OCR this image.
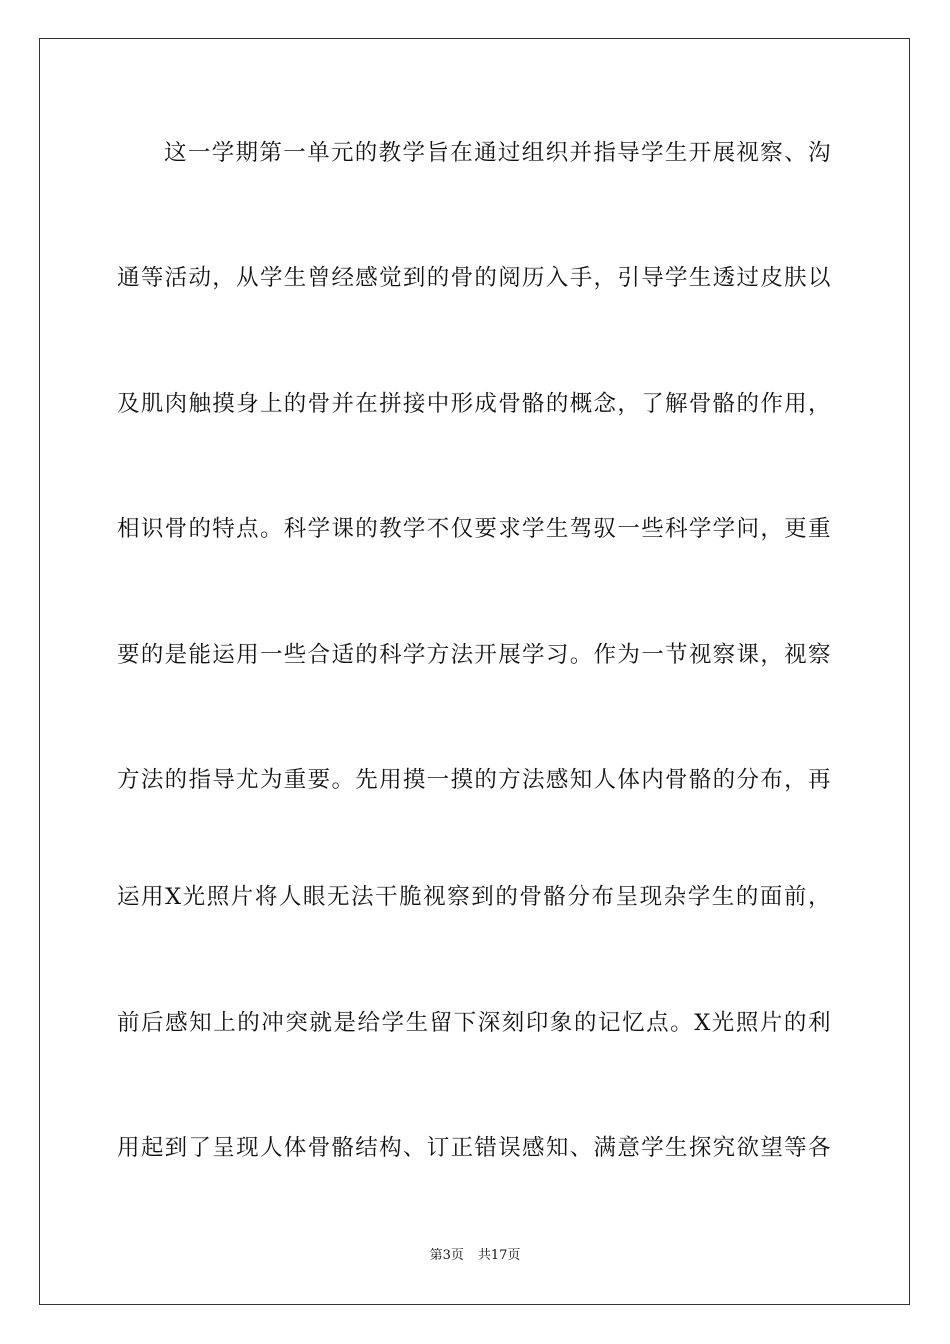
这一学期第一单元的教学旨在通过组织并指导学生开展视察、沟
通等活动，从学生曾经感觉到的骨的阅历入手，引导学生透过皮肤以
及肌肉触摸身上的骨并在拼接中形成骨骼的概念，了解骨骼的作用，
相识骨的特点。科学课的教学不仅要求学生驾驭一些科学学问，更重
要的是能运用一些合适的科学方法开展学习。作为一节视察课，视察
方法的指导尤为重要。先用摸一摸的方法感知人体内骨骼的分布，再
运用X光照片将人眼无法干脆视察到的骨骼分布呈现杂学生的面前，
前后感知上的冲突就是给学生留下深刻印象的记忆点。X光照片的利
用起到了呈现人体骨骼结构、订正错误感知、满意学生探究欲望等各
第3页 共17页
